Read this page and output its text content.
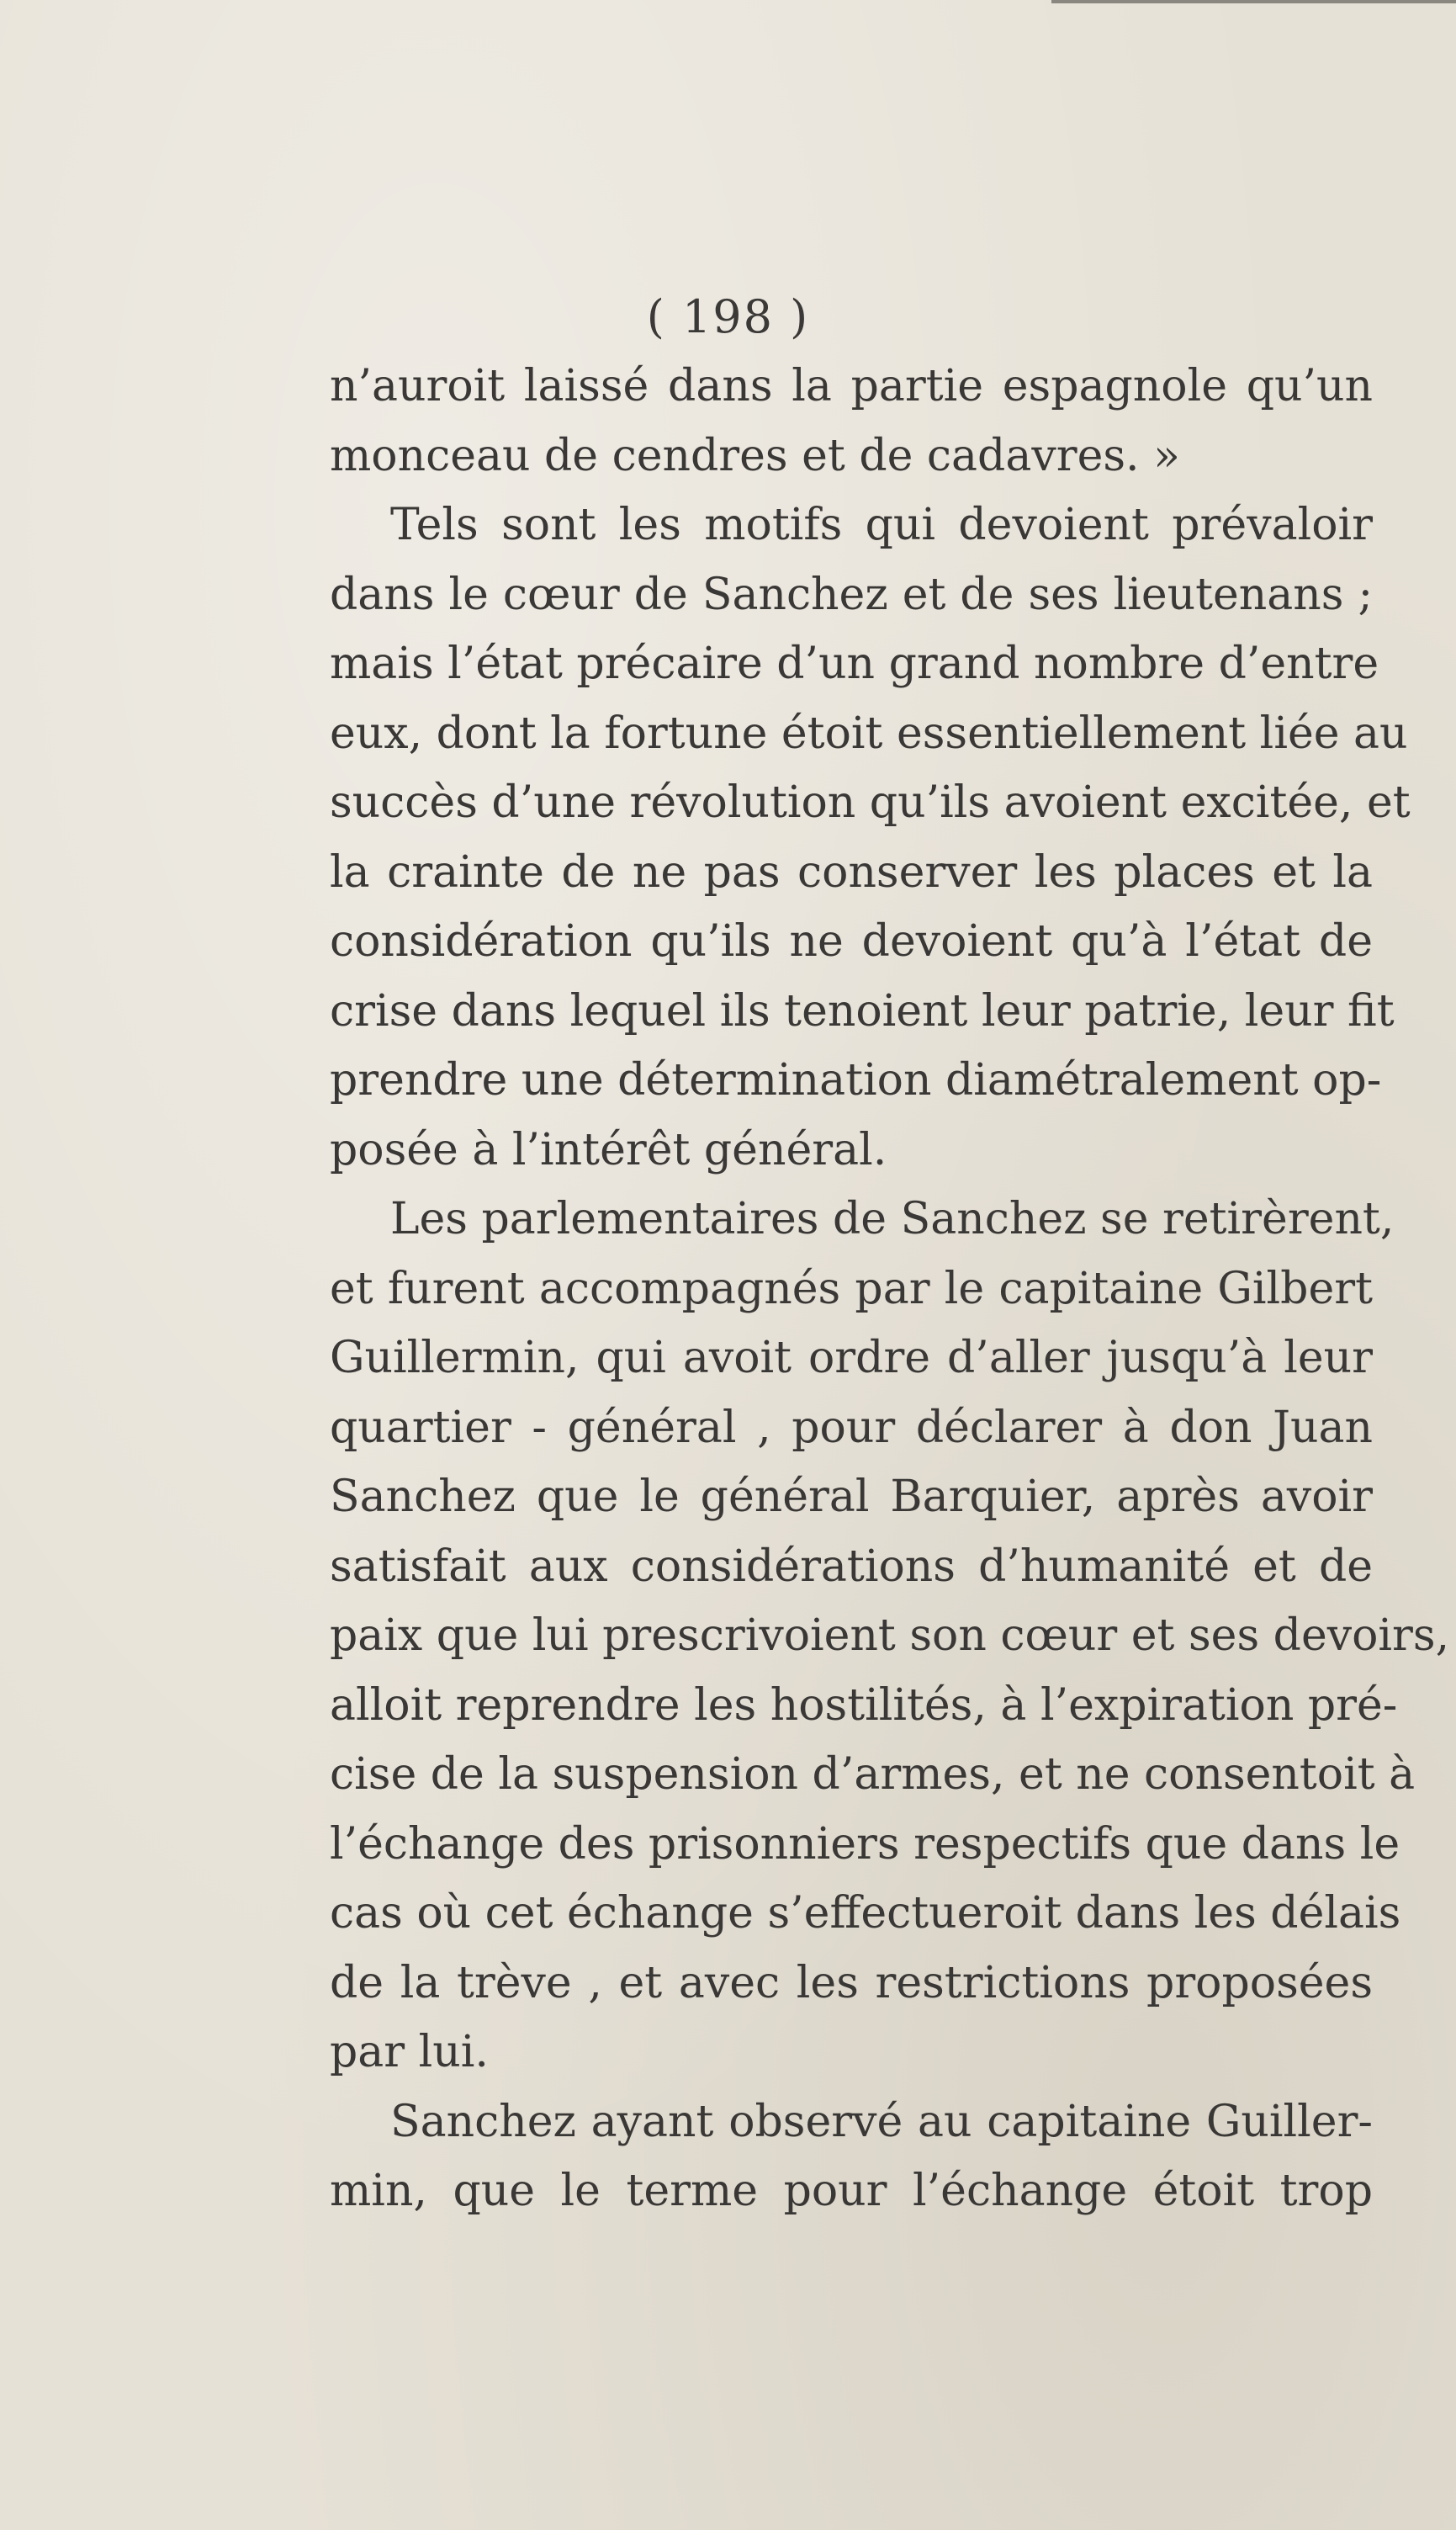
( 198 )
n’auroit laissé dans la partie espagnole qu’un
monceau de cendres et de cadavres. »
Tels sont les motifs qui devoient prévaloir
dans le cœur de Sanchez et de ses lieutenans ;
mais l’état précaire d’un grand nombre d’entre
eux, dont la fortune étoit essentiellement liée au
succès d’une révolution qu’ils avoient excitée, et
la crainte de ne pas conserver les places et la
considération qu’ils ne devoient qu’à l’état de
crise dans lequel ils tenoient leur patrie, leur fit
prendre une détermination diamétralement op-
posée à l’intérêt général.
Les parlementaires de Sanchez se retirèrent,
et furent accompagnés par le capitaine Gilbert
Guillermin, qui avoit ordre d’aller jusqu’à leur
quartier - général , pour déclarer à don Juan
Sanchez que le général Barquier, après avoir
satisfait aux considérations d’humanité et de
paix que lui prescrivoient son cœur et ses devoirs,
alloit reprendre les hostilités, à l’expiration pré-
cise de la suspension d’armes, et ne consentoit à
l’échange des prisonniers respectifs que dans le
cas où cet échange s’effectueroit dans les délais
de la trève , et avec les restrictions proposées
par lui.
Sanchez ayant observé au capitaine Guiller-
min, que le terme pour l’échange étoit trop
